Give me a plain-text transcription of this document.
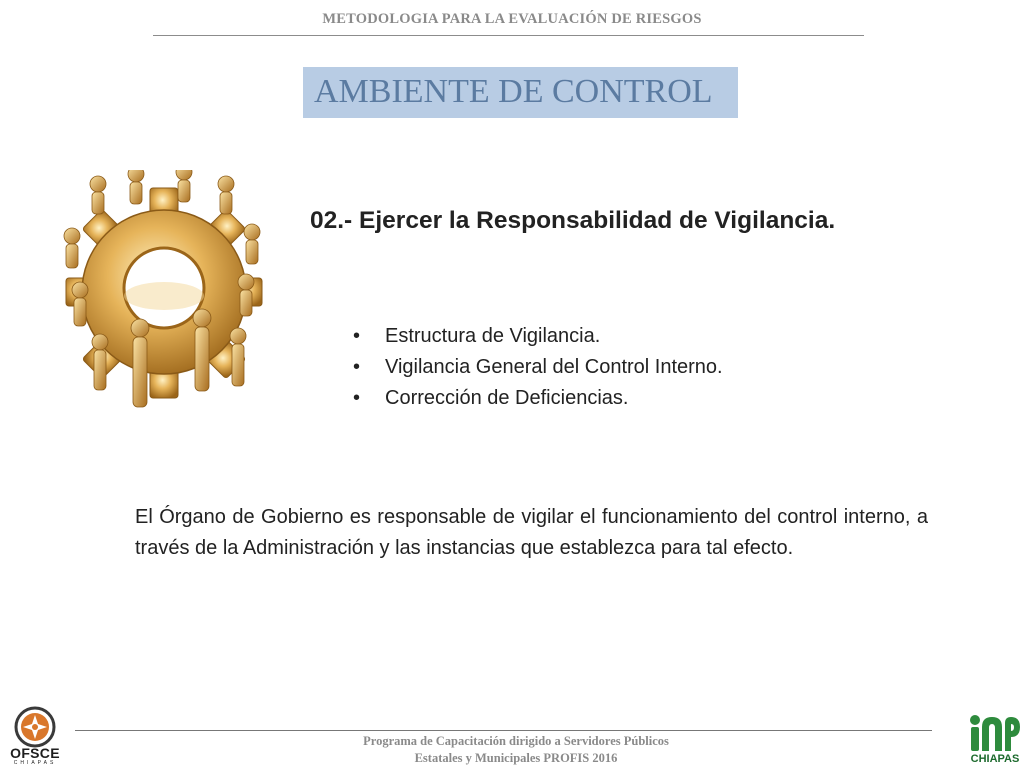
METODOLOGIA PARA LA EVALUACIÓN DE RIESGOS
AMBIENTE DE CONTROL
02.- Ejercer la Responsabilidad de Vigilancia.
• Estructura de Vigilancia.
• Vigilancia General del Control Interno.
• Corrección de Deficiencias.

El Órgano de Gobierno es responsable de vigilar el funcionamiento del control interno, a través de la Administración y las instancias que establezca para tal efecto.

Programa de Capacitación dirigido a Servidores Públicos
Estatales y Municipales PROFIS 2016
OFSCE
CHIAPAS	CHIAPAS
